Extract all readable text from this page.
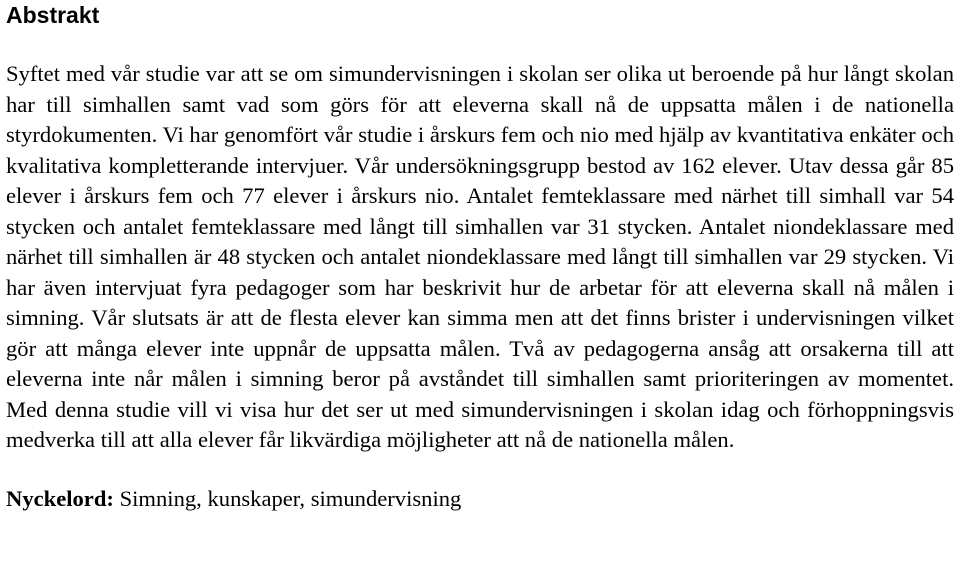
Abstrakt

Syftet med vår studie var att se om simundervisningen i skolan ser olika ut beroende på hur långt skolan har till simhallen samt vad som görs för att eleverna skall nå de uppsatta målen i de nationella styrdokumenten. Vi har genomfört vår studie i årskurs fem och nio med hjälp av kvantitativa enkäter och kvalitativa kompletterande intervjuer. Vår undersökningsgrupp bestod av 162 elever. Utav dessa går 85 elever i årskurs fem och 77 elever i årskurs nio. Antalet femteklassare med närhet till simhall var 54 stycken och antalet femteklassare med långt till simhallen var 31 stycken. Antalet niondeklassare med närhet till simhallen är 48 stycken och antalet niondeklassare med långt till simhallen var 29 stycken. Vi har även intervjuat fyra pedagoger som har beskrivit hur de arbetar för att eleverna skall nå målen i simning. Vår slutsats är att de flesta elever kan simma men att det finns brister i undervisningen vilket gör att många elever inte uppnår de uppsatta målen. Två av pedagogerna ansåg att orsakerna till att eleverna inte når målen i simning beror på avståndet till simhallen samt prioriteringen av momentet. Med denna studie vill vi visa hur det ser ut med simundervisningen i skolan idag och förhoppningsvis medverka till att alla elever får likvärdiga möjligheter att nå de nationella målen.

Nyckelord: Simning, kunskaper, simundervisning
